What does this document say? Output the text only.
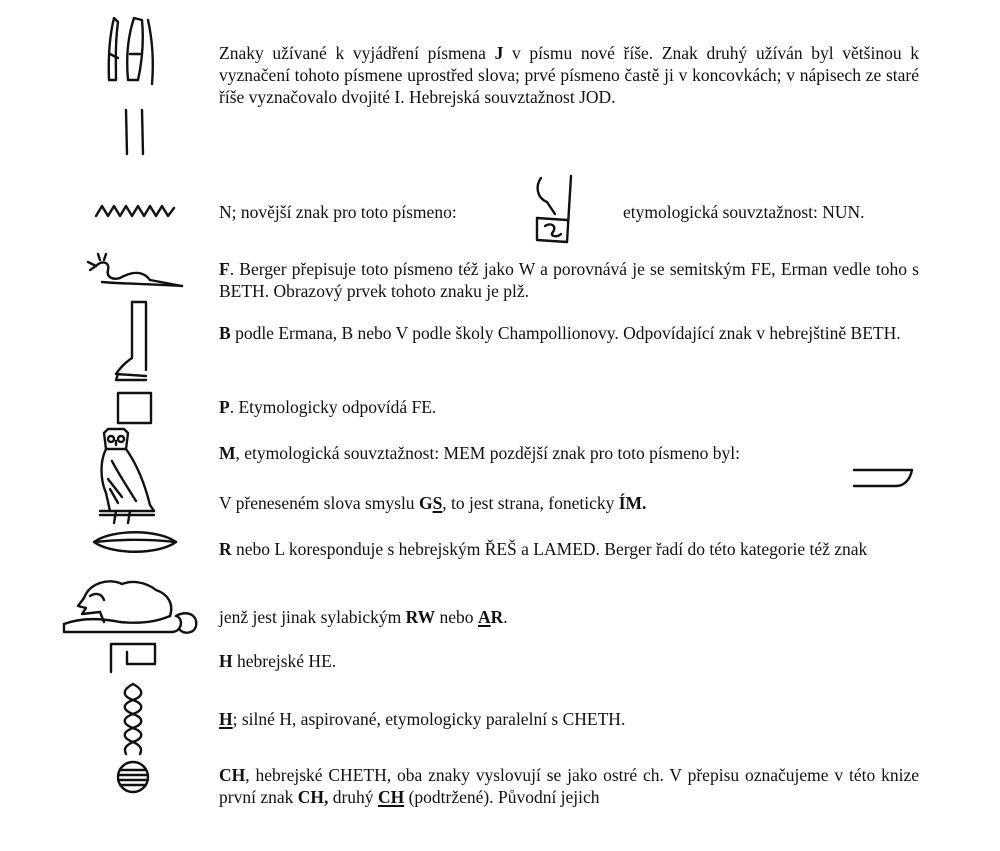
Znaky užívané k vyjádření písmena J v písmu nové říše. Znak druhý užíván byl většinou k vyznačení tohoto písmene uprostřed slova; prvé písmeno častě ji v koncovkách; v nápisech ze staré říše vyznačovalo dvojité I. Hebrejská souvztažnost JOD.

N; novější znak pro toto písmeno:	etymologická souvztažnost: NUN.

F. Berger přepisuje toto písmeno též jako W a porovnává je se semitským FE, Erman vedle toho s BETH. Obrazový prvek tohoto znaku je plž.

B podle Ermana, B nebo V podle školy Champollionovy. Odpovídající znak v hebrejštině BETH.

P. Etymologicky odpovídá FE.

M, etymologická souvztažnost: MEM pozdější znak pro toto písmeno byl:

V přeneseném slova smyslu GS, to jest strana, foneticky ÍM.

R nebo L koresponduje s hebrejským ŘEŠ a LAMED. Berger řadí do této kategorie též znak

jenž jest jinak sylabickým RW nebo AR.

H hebrejské HE.

H; silné H, aspirované, etymologicky paralelní s CHETH.

CH, hebrejské CHETH, oba znaky vyslovují se jako ostré ch. V přepisu označujeme v této knize první znak CH, druhý CH (podtržené). Původní jejich
